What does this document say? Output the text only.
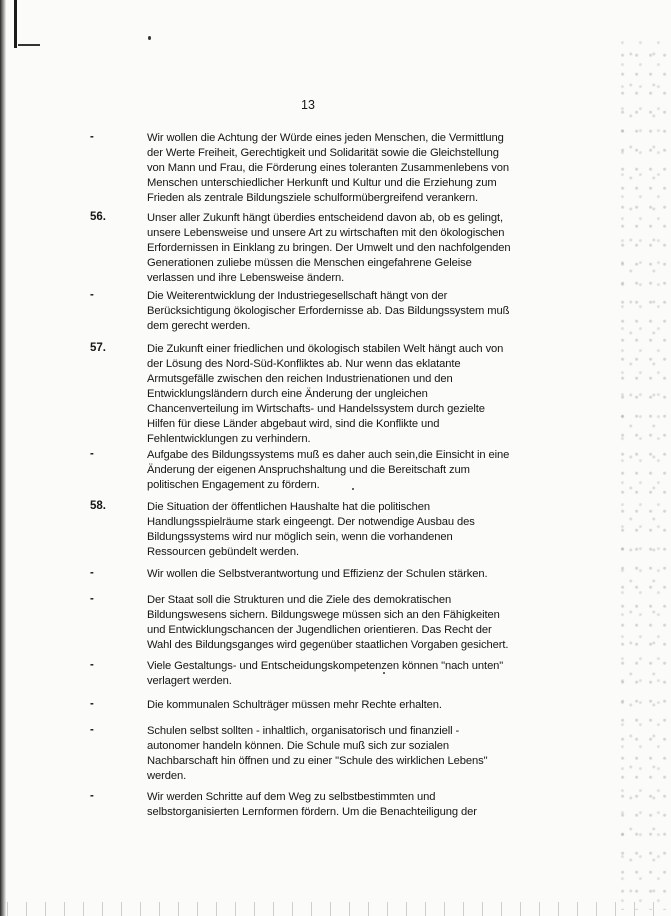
13
-	Wir wollen die Achtung der Würde eines jeden Menschen, die Vermittlung
der Werte Freiheit, Gerechtigkeit und Solidarität sowie die Gleichstellung
von Mann und Frau, die Förderung eines toleranten Zusammenlebens von
Menschen unterschiedlicher Herkunft und Kultur und die Erziehung zum
Frieden als zentrale Bildungsziele schulformübergreifend verankern.
56.	Unser aller Zukunft hängt überdies entscheidend davon ab, ob es gelingt,
unsere Lebensweise und unsere Art zu wirtschaften mit den ökologischen
Erfordernissen in Einklang zu bringen. Der Umwelt und den nachfolgenden
Generationen zuliebe müssen die Menschen eingefahrene Geleise
verlassen und ihre Lebensweise ändern.
-	Die Weiterentwicklung der Industriegesellschaft hängt von der
Berücksichtigung ökologischer Erfordernisse ab. Das Bildungssystem muß
dem gerecht werden.
57.	Die Zukunft einer friedlichen und ökologisch stabilen Welt hängt auch von
der Lösung des Nord-Süd-Konfliktes ab. Nur wenn das eklatante
Armutsgefälle zwischen den reichen Industrienationen und den
Entwicklungsländern durch eine Änderung der ungleichen
Chancenverteilung im Wirtschafts- und Handelssystem durch gezielte
Hilfen für diese Länder abgebaut wird, sind die Konflikte und
Fehlentwicklungen zu verhindern.
-	Aufgabe des Bildungssystems muß es daher auch sein,die Einsicht in eine
Änderung der eigenen Anspruchshaltung und die Bereitschaft zum
politischen Engagement zu fördern.
58.	Die Situation der öffentlichen Haushalte hat die politischen
Handlungsspielräume stark eingeengt. Der notwendige Ausbau des
Bildungssystems wird nur möglich sein, wenn die vorhandenen
Ressourcen gebündelt werden.
-	Wir wollen die Selbstverantwortung und Effizienz der Schulen stärken.
-	Der Staat soll die Strukturen und die Ziele des demokratischen
Bildungswesens sichern. Bildungswege müssen sich an den Fähigkeiten
und Entwicklungschancen der Jugendlichen orientieren. Das Recht der
Wahl des Bildungsganges wird gegenüber staatlichen Vorgaben gesichert.
-	Viele Gestaltungs- und Entscheidungskompetenzen können "nach unten"
verlagert werden.
-	Die kommunalen Schulträger müssen mehr Rechte erhalten.
-	Schulen selbst sollten - inhaltlich, organisatorisch und finanziell -
autonomer handeln können. Die Schule muß sich zur sozialen
Nachbarschaft hin öffnen und zu einer "Schule des wirklichen Lebens"
werden.
-	Wir werden Schritte auf dem Weg zu selbstbestimmten und
selbstorganisierten Lernformen fördern. Um die Benachteiligung der
